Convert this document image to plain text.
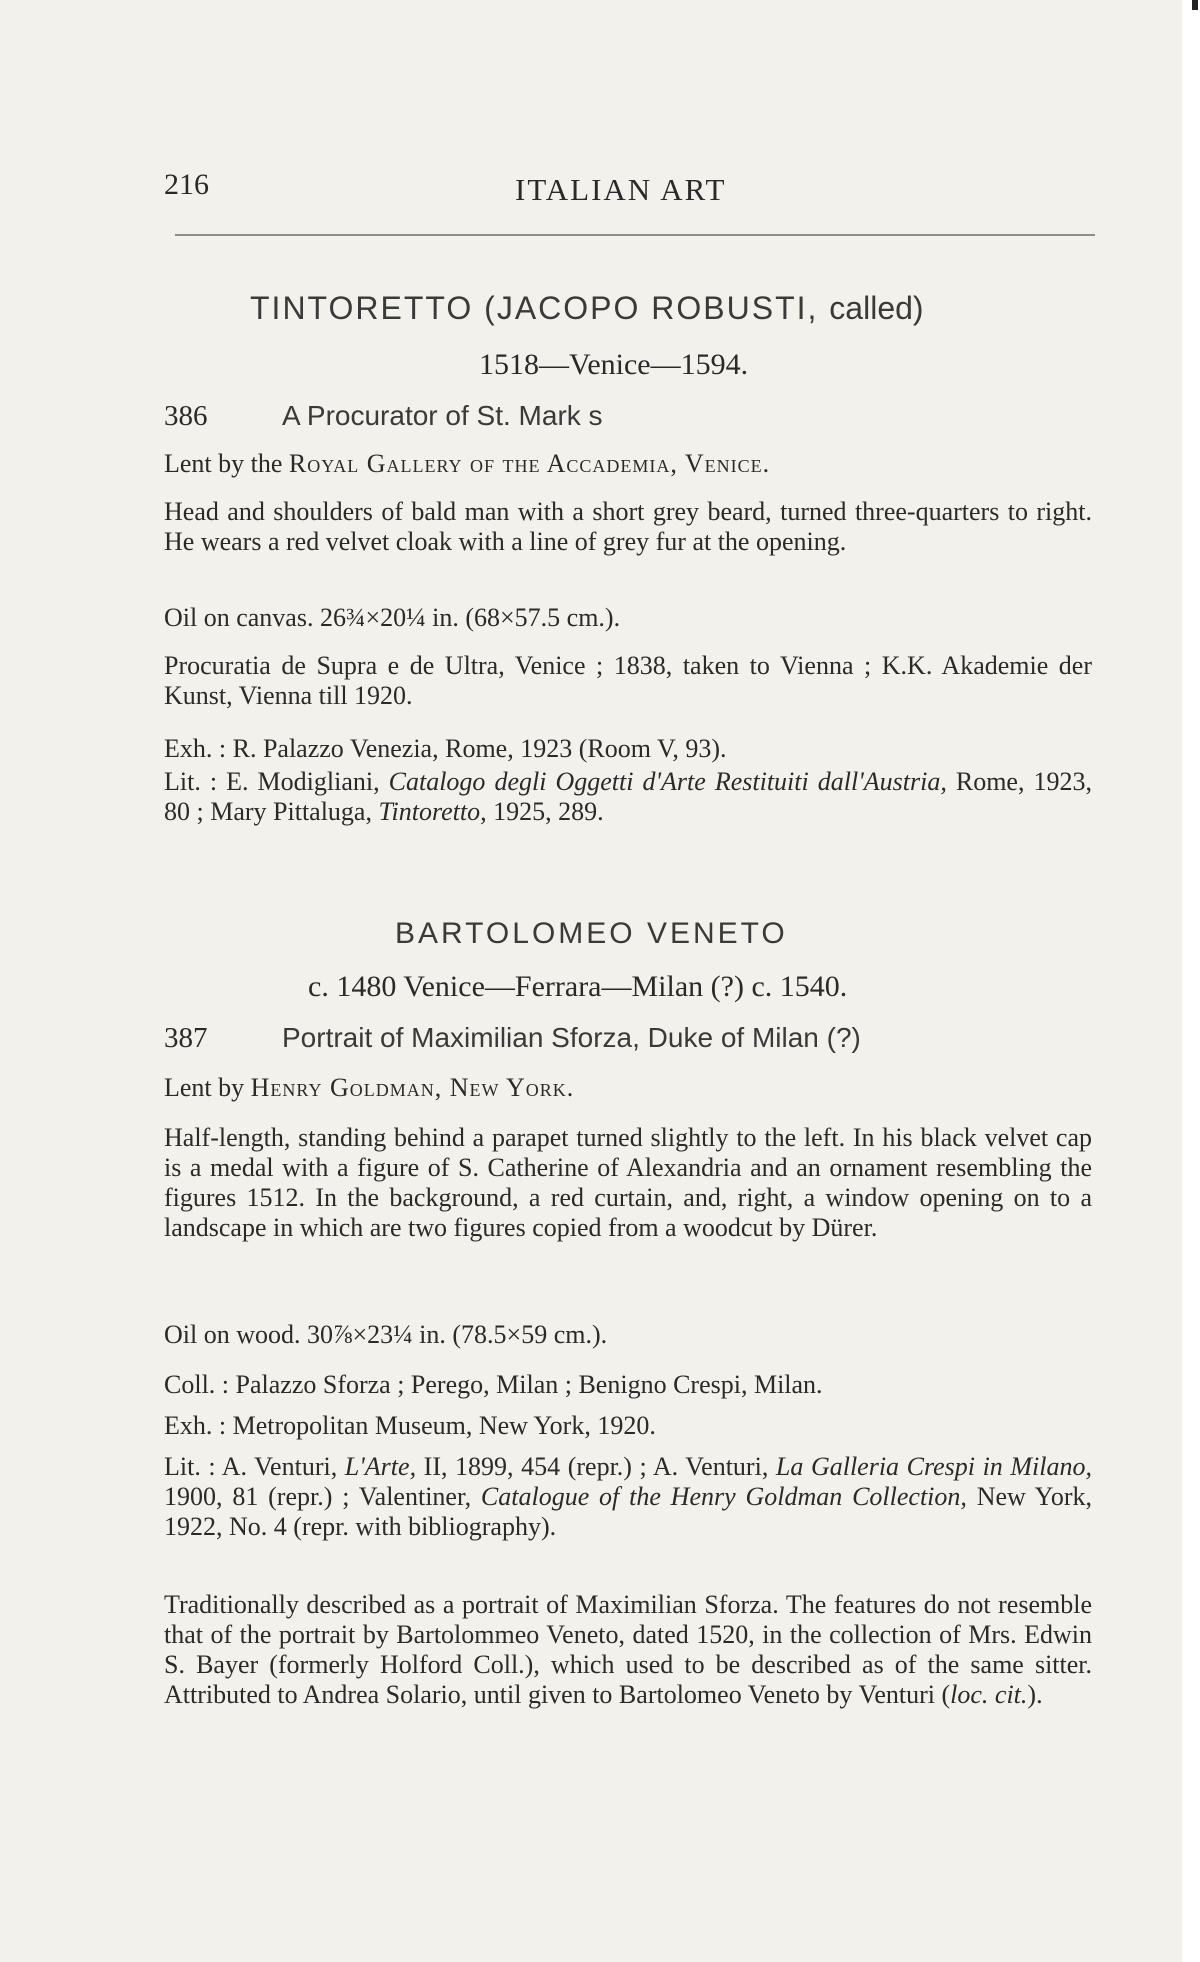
216	ITALIAN ART
TINTORETTO (JACOPO ROBUSTI, called)
1518—Venice—1594.
386	A Procurator of St. Mark s
Lent by the Royal Gallery of the Accademia, Venice.

Head and shoulders of bald man with a short grey beard, turned three-quarters to right. He wears a red velvet cloak with a line of grey fur at the opening.

Oil on canvas. 26¾×20¼ in. (68×57.5 cm.).

Procuratia de Supra e de Ultra, Venice ; 1838, taken to Vienna ; K.K. Akademie der Kunst, Vienna till 1920.

Exh. : R. Palazzo Venezia, Rome, 1923 (Room V, 93).

Lit. : E. Modigliani, Catalogo degli Oggetti d'Arte Restituiti dall'Austria, Rome, 1923, 80 ; Mary Pittaluga, Tintoretto, 1925, 289.

BARTOLOMEO VENETO
c. 1480 Venice—Ferrara—Milan (?) c. 1540.
387	Portrait of Maximilian Sforza, Duke of Milan (?)
Lent by Henry Goldman, New York.

Half-length, standing behind a parapet turned slightly to the left. In his black velvet cap is a medal with a figure of S. Catherine of Alexandria and an ornament resembling the figures 1512. In the background, a red curtain, and, right, a window opening on to a landscape in which are two figures copied from a woodcut by Dürer.

Oil on wood. 30⅞×23¼ in. (78.5×59 cm.).

Coll. : Palazzo Sforza ; Perego, Milan ; Benigno Crespi, Milan.

Exh. : Metropolitan Museum, New York, 1920.

Lit. : A. Venturi, L'Arte, II, 1899, 454 (repr.) ; A. Venturi, La Galleria Crespi in Milano, 1900, 81 (repr.) ; Valentiner, Catalogue of the Henry Goldman Collection, New York, 1922, No. 4 (repr. with bibliography).

Traditionally described as a portrait of Maximilian Sforza. The features do not resemble that of the portrait by Bartolommeo Veneto, dated 1520, in the collection of Mrs. Edwin S. Bayer (formerly Holford Coll.), which used to be described as of the same sitter. Attributed to Andrea Solario, until given to Bartolomeo Veneto by Venturi (loc. cit.).
